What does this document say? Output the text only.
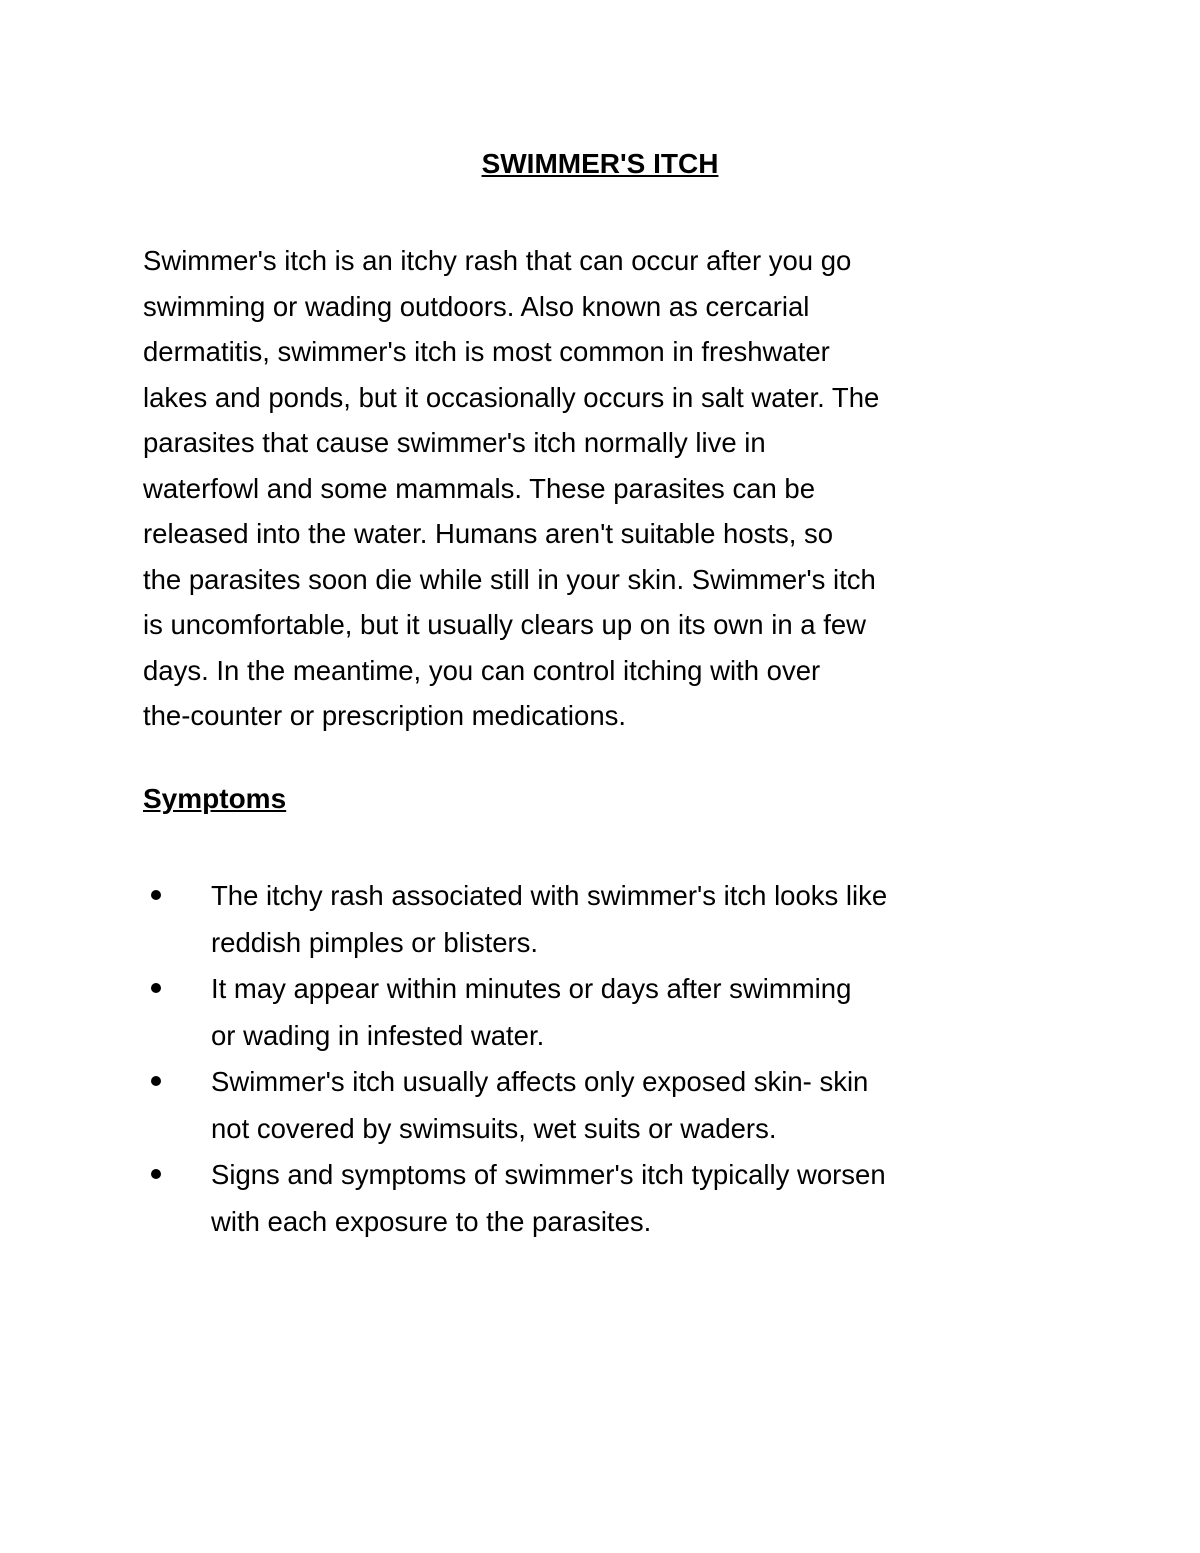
SWIMMER'S ITCH
Swimmer's itch is an itchy rash that can occur after you go
swimming or wading outdoors. Also known as cercarial
dermatitis, swimmer's itch is most common in freshwater
lakes and ponds, but it occasionally occurs in salt water. The
parasites that cause swimmer's itch normally live in
waterfowl and some mammals. These parasites can be
released into the water. Humans aren't suitable hosts, so
the parasites soon die while still in your skin. Swimmer's itch
is uncomfortable, but it usually clears up on its own in a few
days. In the meantime, you can control itching with over
the-counter or prescription medications.
Symptoms
The itchy rash associated with swimmer's itch looks like
reddish pimples or blisters.
It may appear within minutes or days after swimming
or wading in infested water.
Swimmer's itch usually affects only exposed skin- skin
not covered by swimsuits, wet suits or waders.
Signs and symptoms of swimmer's itch typically worsen
with each exposure to the parasites.
